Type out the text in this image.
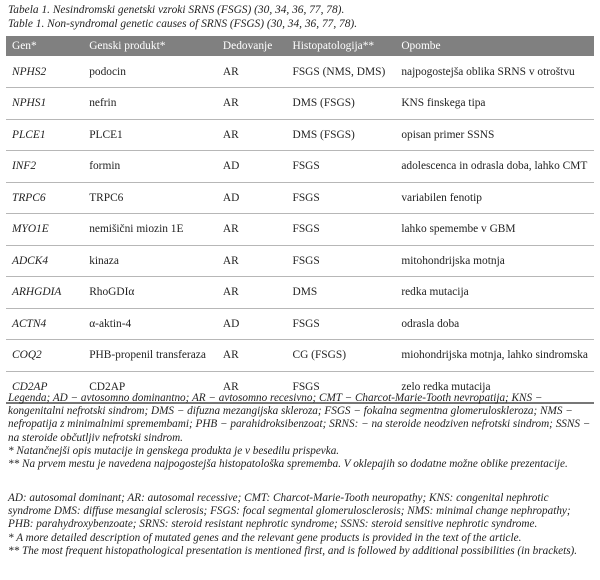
Tabela 1. Nesindromski genetski vzroki SRNS (FSGS) (30, 34, 36, 77, 78).
Table 1. Non-syndromal genetic causes of SRNS (FSGS) (30, 34, 36, 77, 78).
Gen*	Genski produkt*	Dedovanje	Histopatologija**	Opombe
NPHS2	podocin	AR	FSGS (NMS, DMS)	najpogostejša oblika SRNS v otroštvu
NPHS1	nefrin	AR	DMS (FSGS)	KNS finskega tipa
PLCE1	PLCE1	AR	DMS (FSGS)	opisan primer SSNS
INF2	formin	AD	FSGS	adolescenca in odrasla doba, lahko CMT
TRPC6	TRPC6	AD	FSGS	variabilen fenotip
MYO1E	nemišični miozin 1E	AR	FSGS	lahko spemembe v GBM
ADCK4	kinaza	AR	FSGS	mitohondrijska motnja
ARHGDIA	RhoGDIα	AR	DMS	redka mutacija
ACTN4	α-aktin-4	AD	FSGS	odrasla doba
COQ2	PHB-propenil transferaza	AR	CG (FSGS)	miohondrijska motnja, lahko sindromska
CD2AP	CD2AP	AR	FSGS	zelo redka mutacija

Legenda; AD − avtosomno dominantno; AR − avtosomno recesivno; CMT − Charcot-Marie-Tooth nevropatija; KNS − kongenitalni nefrotski sindrom; DMS − difuzna mezangijska skleroza; FSGS − fokalna segmentna glomeruloskleroza; NMS − nefropatija z minimalnimi spremembami; PHB − parahidroksibenzoat; SRNS: − na steroide neodziven nefrotski sindrom; SSNS − na steroide občutljiv nefrotski sindrom.

* Natančnejši opis mutacije in genskega produkta je v besedilu prispevka.

** Na prvem mestu je navedena najpogostejša histopatološka sprememba. V oklepajih so dodatne možne oblike prezentacije.

AD: autosomal dominant; AR: autosomal recessive; CMT: Charcot-Marie-Tooth neuropathy; KNS: congenital nephrotic syndrome DMS: diffuse mesangial sclerosis; FSGS: focal segmental glomerulosclerosis; NMS: minimal change nephropathy; PHB: parahydroxybenzoate; SRNS: steroid resistant nephrotic syndrome; SSNS: steroid sensitive nephrotic syndrome.

* A more detailed description of mutated genes and the relevant gene products is provided in the text of the article.

** The most frequent histopathological presentation is mentioned first, and is followed by additional possibilities (in brackets).
